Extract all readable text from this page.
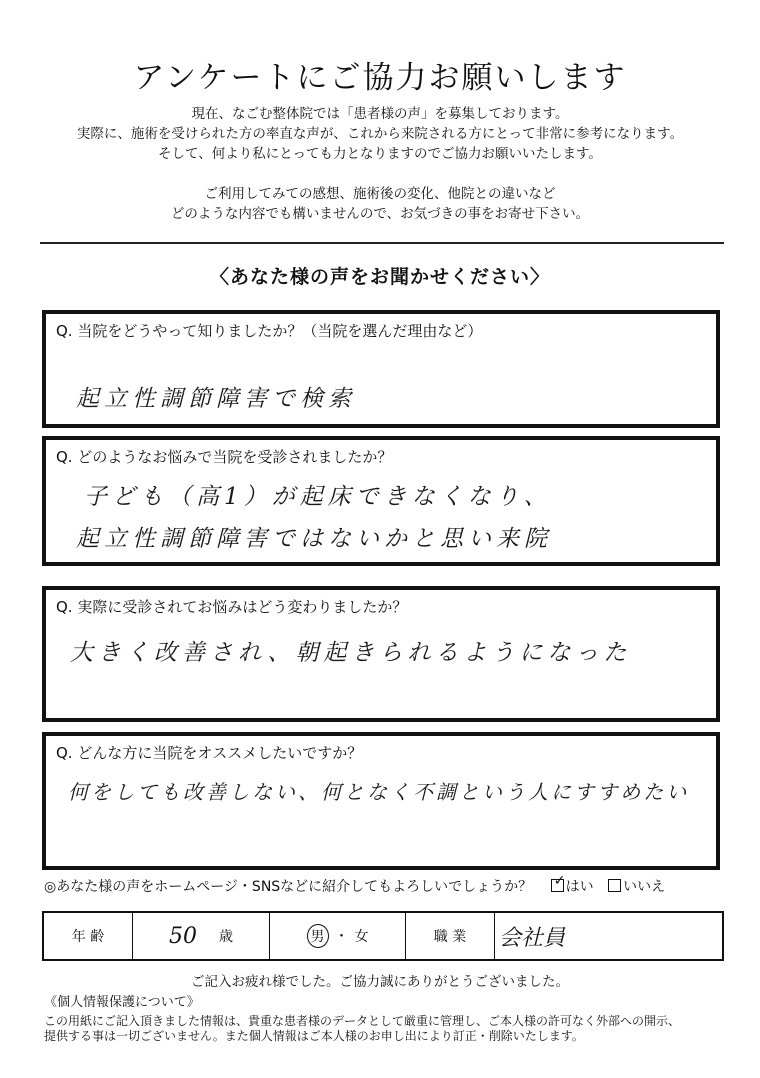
アンケートにご協力お願いします
現在、なごむ整体院では「患者様の声」を募集しております。
実際に、施術を受けられた方の率直な声が、これから来院される方にとって非常に参考になります。
そして、何より私にとっても力となりますのでご協力お願いいたします。
ご利用してみての感想、施術後の変化、他院との違いなど
どのような内容でも構いませんので、お気づきの事をお寄せ下さい。
〈あなた様の声をお聞かせください〉
Q. 当院をどうやって知りましたか？（当院を選んだ理由など）
起立性調節障害で検索
Q. どのようなお悩みで当院を受診されましたか？
子ども（高1）が起床できなくなり、
起立性調節障害ではないかと思い来院
Q. 実際に受診されてお悩みはどう変わりましたか？
大きく改善され、朝起きられるようになった
Q. どんな方に当院をオススメしたいですか？
何をしても改善しない、何となく不調という人にすすめたい
◎あなた様の声をホームページ・SNSなどに紹介してもよろしいでしょうか？ ✓ はい いいえ
年 齢	50 歳	男 ・ 女	職 業	会社員
ご記入お疲れ様でした。ご協力誠にありがとうございました。
《個人情報保護について》
この用紙にご記入頂きました情報は、貴重な患者様のデータとして厳重に管理し、ご本人様の許可なく外部への開示、
提供する事は一切ございません。また個人情報はご本人様のお申し出により訂正・削除いたします。
